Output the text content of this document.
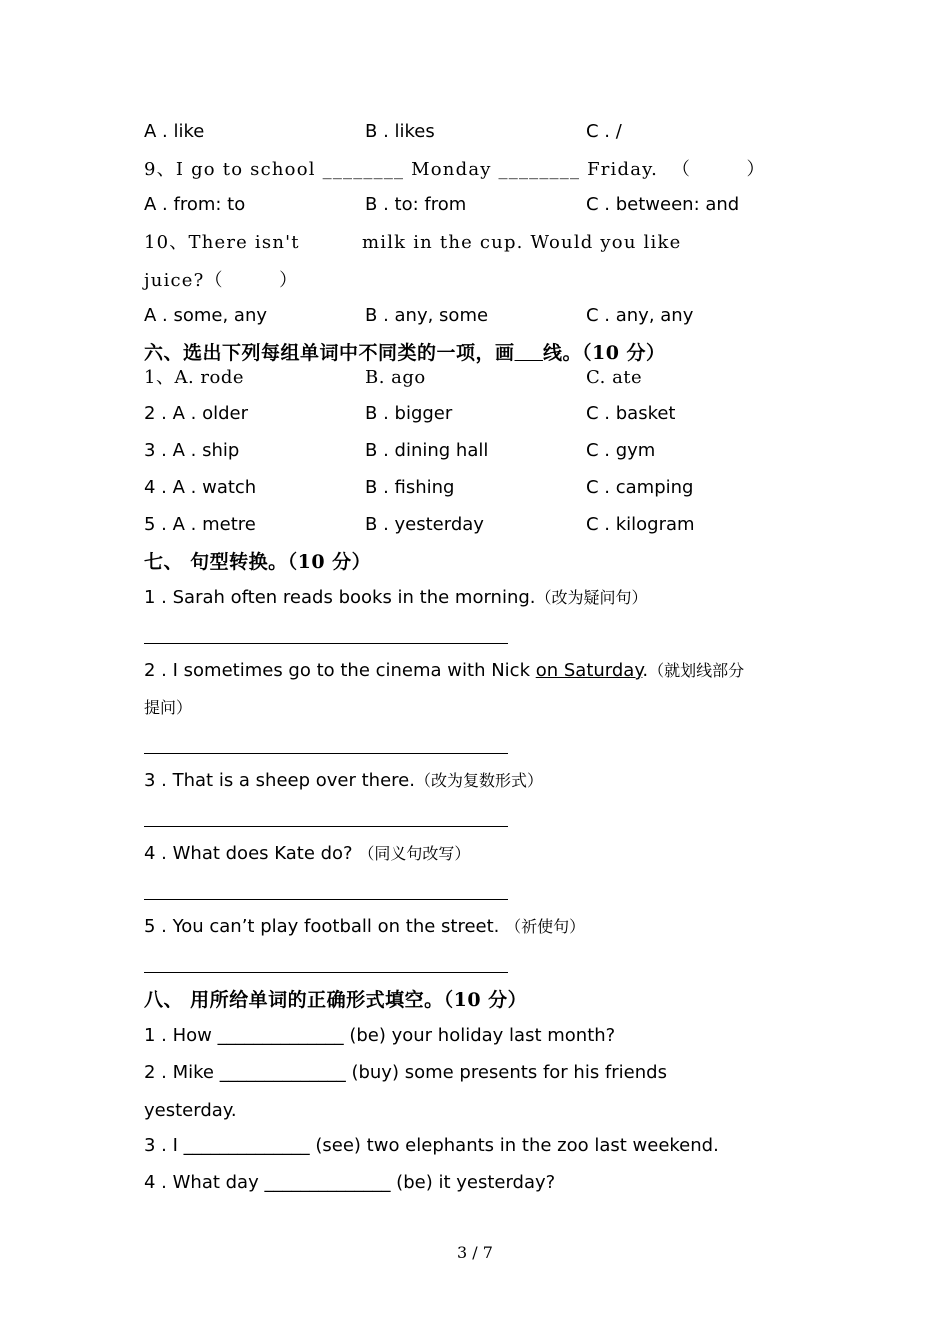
A . like	B . likes	C . /
9、I go to school ________ Monday ________ Friday.  （        ）
A . from: to	B . to: from	C . between: and
10、There isn't         milk in the cup. Would you like
juice?（        ）
A . some, any	B . any, some	C . any, any
六、选出下列每组单词中不同类的一项，画 线。（10 分）
1、A. rode	B. ago	C. ate
2 . A . older	B . bigger	C . basket
3 . A . ship	B . dining hall	C . gym
4 . A . watch	B . fishing	C . camping
5 . A . metre	B . yesterday	C . kilogram
七、 句型转换。（10 分）
1 . Sarah often reads books in the morning.（改为疑问句）
2 . I sometimes go to the cinema with Nick on Saturday.（就划线部分
提问）
3 . That is a sheep over there.（改为复数形式）
4 . What does Kate do? （同义句改写）
5 . You can’t play football on the street. （祈使句）
八、 用所给单词的正确形式填空。（10 分）
1 . How ______________ (be) your holiday last month?
2 . Mike ______________ (buy) some presents for his friends
yesterday.
3 . I ______________ (see) two elephants in the zoo last weekend.
4 . What day ______________ (be) it yesterday?
3 / 7
